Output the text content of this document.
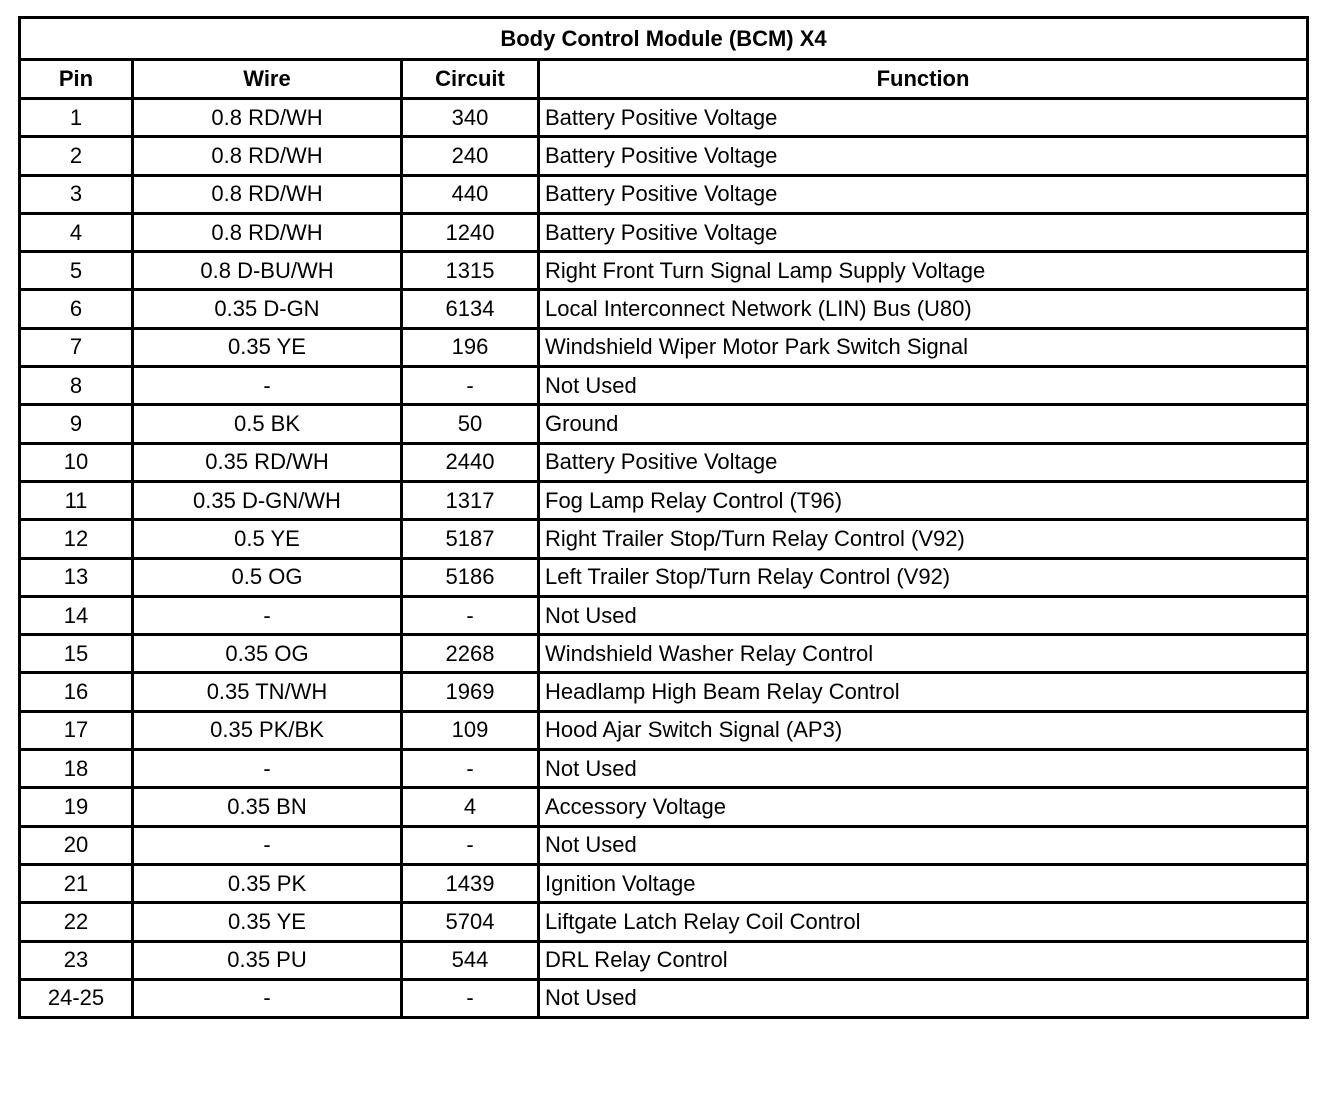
Body Control Module (BCM) X4			
Pin	Wire	Circuit	Function
1	0.8 RD/WH	340	Battery Positive Voltage
2	0.8 RD/WH	240	Battery Positive Voltage
3	0.8 RD/WH	440	Battery Positive Voltage
4	0.8 RD/WH	1240	Battery Positive Voltage
5	0.8 D-BU/WH	1315	Right Front Turn Signal Lamp Supply Voltage
6	0.35 D-GN	6134	Local Interconnect Network (LIN) Bus (U80)
7	0.35 YE	196	Windshield Wiper Motor Park Switch Signal
8	-	-	Not Used
9	0.5 BK	50	Ground
10	0.35 RD/WH	2440	Battery Positive Voltage
11	0.35 D-GN/WH	1317	Fog Lamp Relay Control (T96)
12	0.5 YE	5187	Right Trailer Stop/Turn Relay Control (V92)
13	0.5 OG	5186	Left Trailer Stop/Turn Relay Control (V92)
14	-	-	Not Used
15	0.35 OG	2268	Windshield Washer Relay Control
16	0.35 TN/WH	1969	Headlamp High Beam Relay Control
17	0.35 PK/BK	109	Hood Ajar Switch Signal (AP3)
18	-	-	Not Used
19	0.35 BN	4	Accessory Voltage
20	-	-	Not Used
21	0.35 PK	1439	Ignition Voltage
22	0.35 YE	5704	Liftgate Latch Relay Coil Control
23	0.35 PU	544	DRL Relay Control
24-25	-	-	Not Used
